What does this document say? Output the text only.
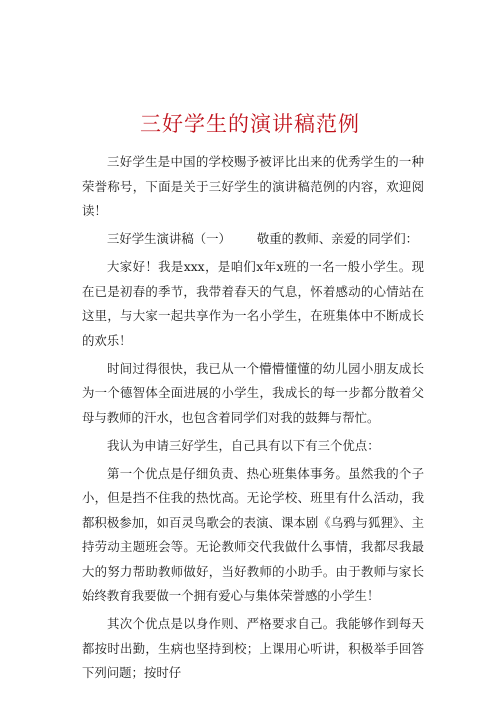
三好学生的演讲稿范例

三好学生是中国的学校赐予被评比出来的优秀学生的一种荣誉称号，下面是关于三好学生的演讲稿范例的内容，欢迎阅读！

三好学生演讲稿（一） 敬重的教师、亲爱的同学们：

大家好！我是xxx，是咱们x年x班的一名一般小学生。现在已是初春的季节，我带着春天的气息，怀着感动的心情站在这里，与大家一起共享作为一名小学生，在班集体中不断成长的欢乐！

时间过得很快，我已从一个懵懵懂懂的幼儿园小朋友成长为一个德智体全面进展的小学生，我成长的每一步都分散着父母与教师的汗水，也包含着同学们对我的鼓舞与帮忙。

我认为申请三好学生，自己具有以下有三个优点：

第一个优点是仔细负责、热心班集体事务。虽然我的个子小，但是挡不住我的热忱高。无论学校、班里有什么活动，我都积极参加，如百灵鸟歌会的表演、课本剧《乌鸦与狐狸》、主持劳动主题班会等。无论教师交代我做什么事情，我都尽我最大的努力帮助教师做好，当好教师的小助手。由于教师与家长始终教育我要做一个拥有爱心与集体荣誉感的小学生！

其次个优点是以身作则、严格要求自己。我能够作到每天都按时出勤，生病也坚持到校；上课用心听讲，积极举手回答下列问题；按时仔
